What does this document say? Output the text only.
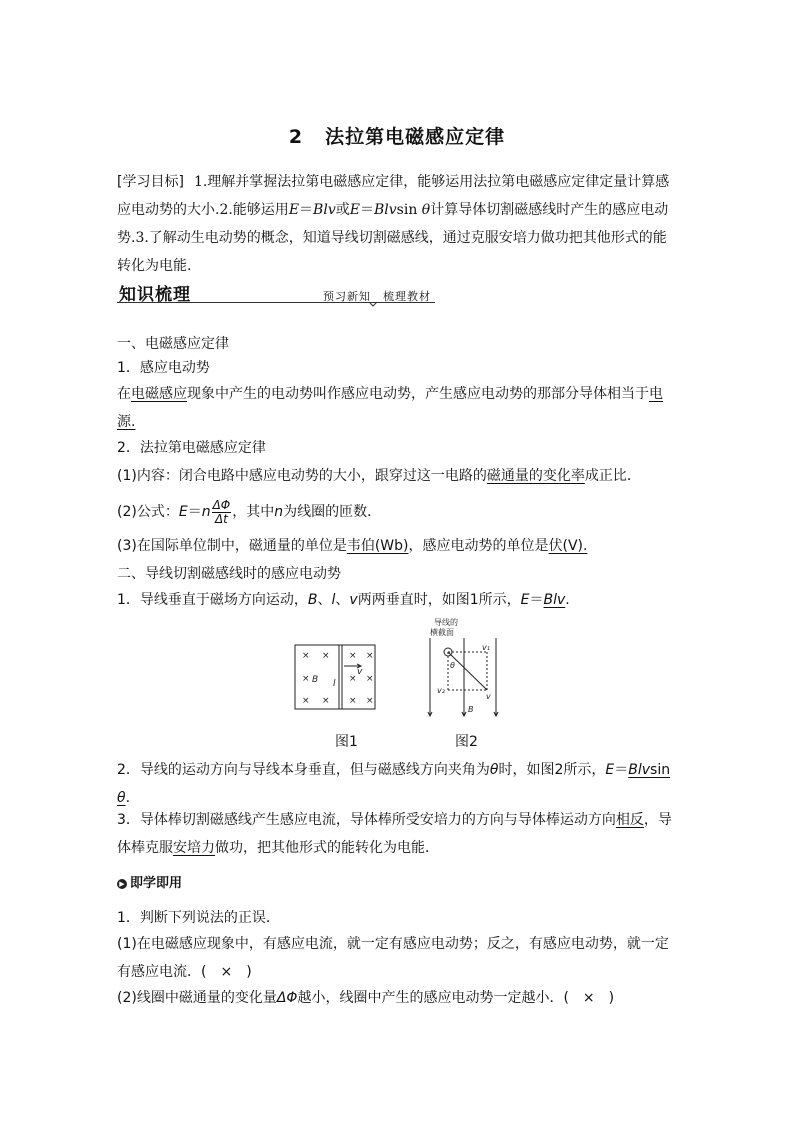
2 法拉第电磁感应定律
[学习目标] 1.理解并掌握法拉第电磁感应定律，能够运用法拉第电磁感应定律定量计算感应电动势的大小.2.能够运用E＝Blv或E＝Blvsin θ计算导体切割磁感线时产生的感应电动势.3.了解动生电动势的概念，知道导线切割磁感线，通过克服安培力做功把其他形式的能转化为电能.
知识梳理	预习新知　梳理教材
一、电磁感应定律
1．感应电动势
在电磁感应现象中产生的电动势叫作感应电动势，产生感应电动势的那部分导体相当于电源.
2．法拉第电磁感应定律
(1)内容：闭合电路中感应电动势的大小，跟穿过这一电路的磁通量的变化率成正比．
(2)公式：$E=n \frac{\Delta\Phi}{\Delta t}$ ，其中n为线圈的匝数．
(3)在国际单位制中，磁通量的单位是韦伯(Wb)，感应电动势的单位是伏(V).
二、导线切割磁感线时的感应电动势
1．导线垂直于磁场方向运动，B、l、v两两垂直时，如图1所示，E＝Blv.
× × × ×
×	× ×
× × × ×
B l
v
导线的
横截面
v₁
v₂
v
θ
B
图1	图2
2．导线的运动方向与导线本身垂直，但与磁感线方向夹角为θ时，如图2所示，E＝Blvsin θ.
3．导体棒切割磁感线产生感应电流，导体棒所受安培力的方向与导体棒运动方向相反，导体棒克服安培力做功，把其他形式的能转化为电能．
▶ 即学即用
1．判断下列说法的正误．
(1)在电磁感应现象中，有感应电流，就一定有感应电动势；反之，有感应电动势，就一定有感应电流．(　×　)
(2)线圈中磁通量的变化量ΔΦ越小，线圈中产生的感应电动势一定越小．(　×　)
